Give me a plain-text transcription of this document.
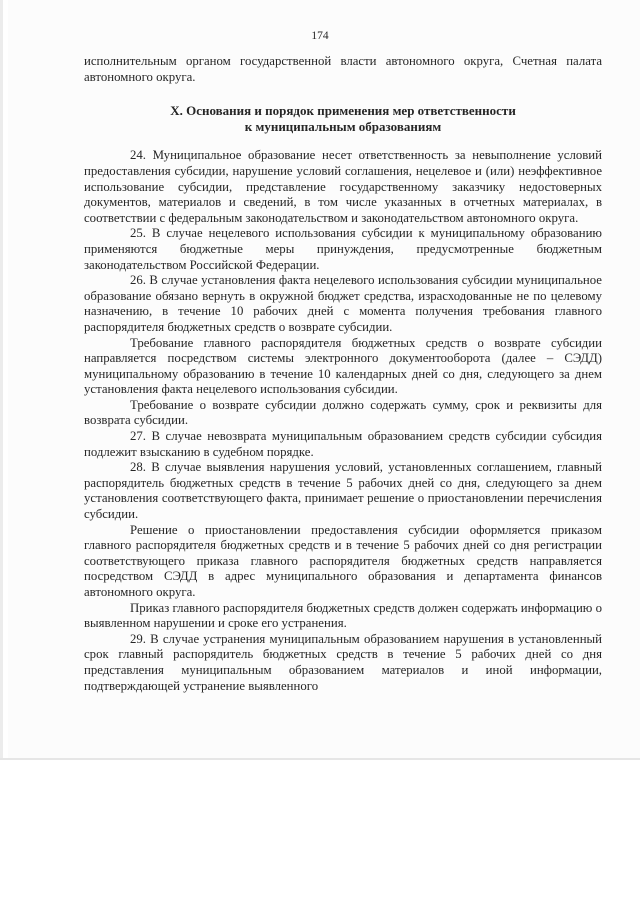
174

исполнительным органом государственной власти автономного округа, Счетная палата автономного округа.

X. Основания и порядок применения мер ответственности
к муниципальным образованиям

24. Муниципальное образование несет ответственность за невыполнение условий предоставления субсидии, нарушение условий соглашения, нецелевое и (или) неэффективное использование субсидии, представление государственному заказчику недостоверных документов, материалов и сведений, в том числе указанных в отчетных материалах, в соответствии с федеральным законодательством и законодательством автономного округа.

25. В случае нецелевого использования субсидии к муниципальному образованию применяются бюджетные меры принуждения, предусмотренные бюджетным законодательством Российской Федерации.

26. В случае установления факта нецелевого использования субсидии муниципальное образование обязано вернуть в окружной бюджет средства, израсходованные не по целевому назначению, в течение 10 рабочих дней с момента получения требования главного распорядителя бюджетных средств о возврате субсидии.

Требование главного распорядителя бюджетных средств о возврате субсидии направляется посредством системы электронного документооборота (далее – СЭДД) муниципальному образованию в течение 10 календарных дней со дня, следующего за днем установления факта нецелевого использования субсидии.

Требование о возврате субсидии должно содержать сумму, срок и реквизиты для возврата субсидии.

27. В случае невозврата муниципальным образованием средств субсидии субсидия подлежит взысканию в судебном порядке.

28. В случае выявления нарушения условий, установленных соглашением, главный распорядитель бюджетных средств в течение 5 рабочих дней со дня, следующего за днем установления соответствующего факта, принимает решение о приостановлении перечисления субсидии.

Решение о приостановлении предоставления субсидии оформляется приказом главного распорядителя бюджетных средств и в течение 5 рабочих дней со дня регистрации соответствующего приказа главного распорядителя бюджетных средств направляется посредством СЭДД в адрес муниципального образования и департамента финансов автономного округа.

Приказ главного распорядителя бюджетных средств должен содержать информацию о выявленном нарушении и сроке его устранения.

29. В случае устранения муниципальным образованием нарушения в установленный срок главный распорядитель бюджетных средств в течение 5 рабочих дней со дня представления муниципальным образованием материалов и иной информации, подтверждающей устранение выявленного
